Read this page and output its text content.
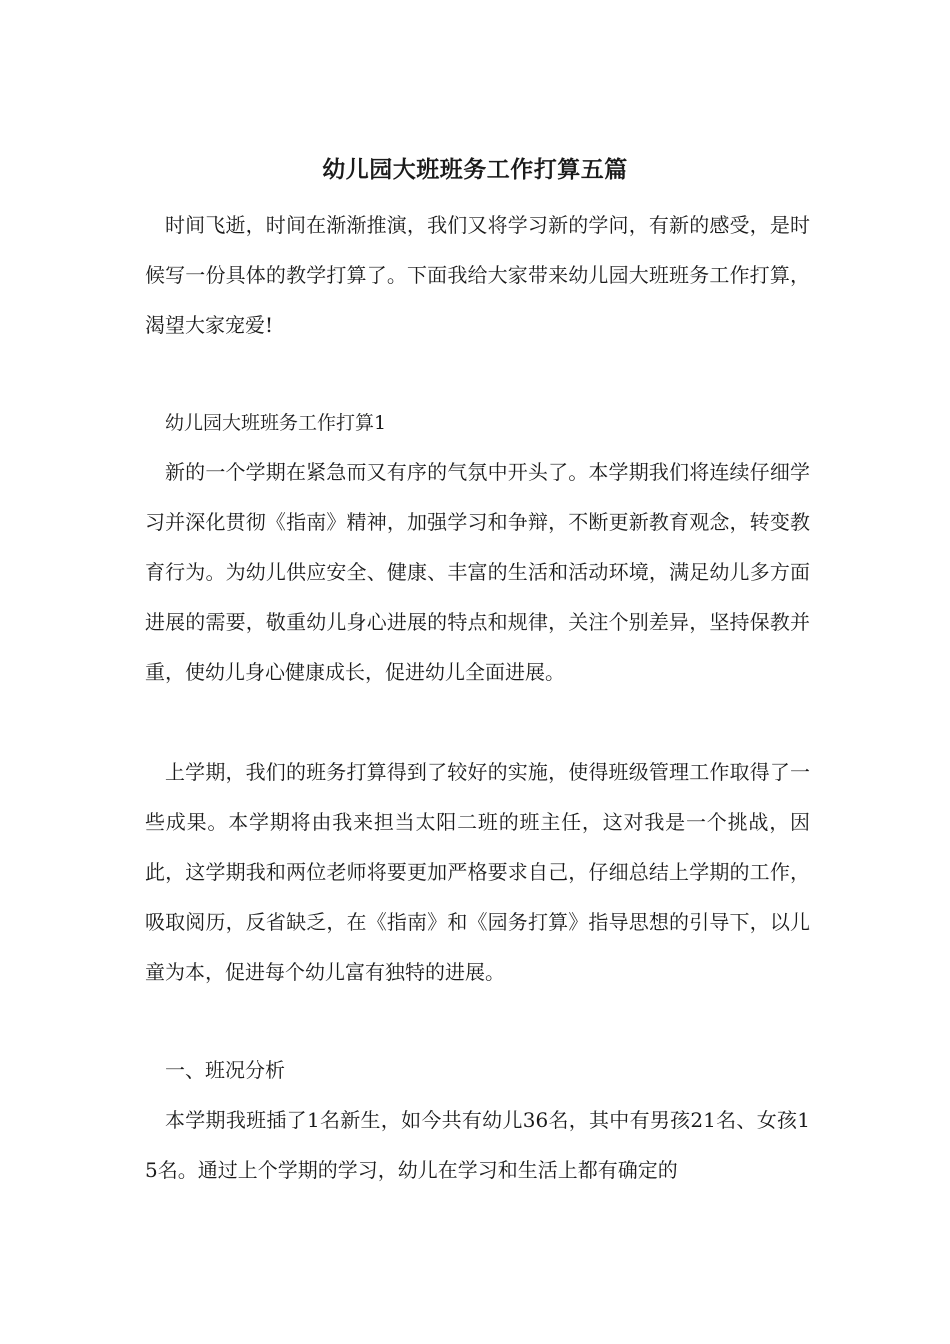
幼儿园大班班务工作打算五篇

时间飞逝，时间在渐渐推演，我们又将学习新的学问，有新的感受，是时候写一份具体的教学打算了。下面我给大家带来幼儿园大班班务工作打算，渴望大家宠爱!

幼儿园大班班务工作打算1

新的一个学期在紧急而又有序的气氛中开头了。本学期我们将连续仔细学习并深化贯彻《指南》精神，加强学习和争辩，不断更新教育观念，转变教育行为。为幼儿供应安全、健康、丰富的生活和活动环境，满足幼儿多方面进展的需要，敬重幼儿身心进展的特点和规律，关注个别差异，坚持保教并重，使幼儿身心健康成长，促进幼儿全面进展。

上学期，我们的班务打算得到了较好的实施，使得班级管理工作取得了一些成果。本学期将由我来担当太阳二班的班主任，这对我是一个挑战，因此，这学期我和两位老师将要更加严格要求自己，仔细总结上学期的工作，吸取阅历，反省缺乏，在《指南》和《园务打算》指导思想的引导下，以儿童为本，促进每个幼儿富有独特的进展。

一、班况分析

本学期我班插了1名新生，如今共有幼儿36名，其中有男孩21名、女孩15名。通过上个学期的学习，幼儿在学习和生活上都有确定的
